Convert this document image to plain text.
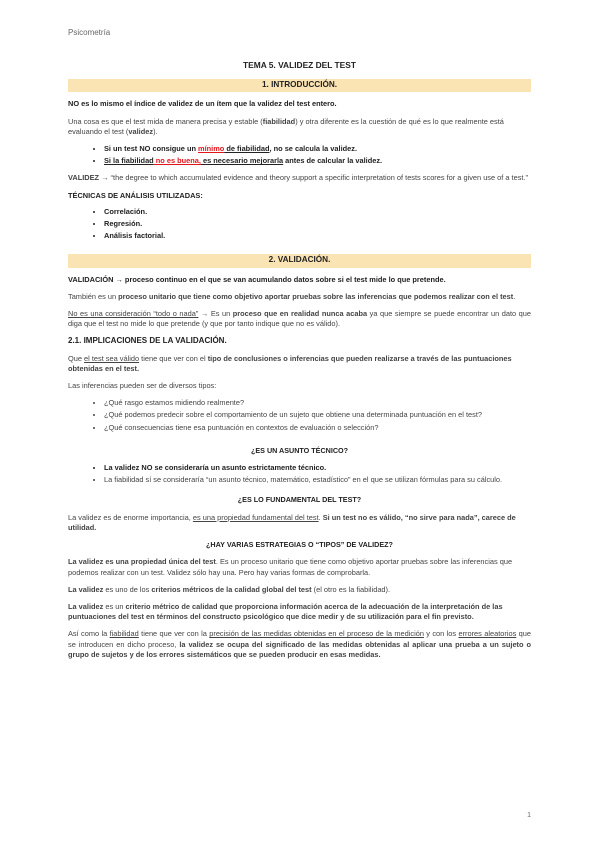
Psicometría
TEMA 5. VALIDEZ DEL TEST
1. INTRODUCCIÓN.

NO es lo mismo el índice de validez de un ítem que la validez del test entero.

Una cosa es que el test mida de manera precisa y estable (fiabilidad) y otra diferente es la cuestión de qué es lo que realmente está evaluando el test (validez).

• Si un test NO consigue un mínimo de fiabilidad, no se calcula la validez.
• Si la fiabilidad no es buena, es necesario mejorarla antes de calcular la validez.

VALIDEZ → “the degree to which accumulated evidence and theory support a specific interpretation of tests scores for a given use of a test.”

TÉCNICAS DE ANÁLISIS UTILIZADAS:

• Correlación.
• Regresión.
• Análisis factorial.
2. VALIDACIÓN.

VALIDACIÓN → proceso continuo en el que se van acumulando datos sobre si el test mide lo que pretende.

También es un proceso unitario que tiene como objetivo aportar pruebas sobre las inferencias que podemos realizar con el test.

No es una consideración “todo o nada” → Es un proceso que en realidad nunca acaba ya que siempre se puede encontrar un dato que diga que el test no mide lo que pretende (y que por tanto indique que no es válido).

2.1. IMPLICACIONES DE LA VALIDACIÓN.

Que el test sea válido tiene que ver con el tipo de conclusiones o inferencias que pueden realizarse a través de las puntuaciones obtenidas en el test.

Las inferencias pueden ser de diversos tipos:

• ¿Qué rasgo estamos midiendo realmente?
• ¿Qué podemos predecir sobre el comportamiento de un sujeto que obtiene una determinada puntuación en el test?
• ¿Qué consecuencias tiene esa puntuación en contextos de evaluación o selección?
¿ES UN ASUNTO TÉCNICO?
• La validez NO se consideraría un asunto estrictamente técnico.
• La fiabilidad sí se consideraría “un asunto técnico, matemático, estadístico” en el que se utilizan fórmulas para su cálculo.
¿ES LO FUNDAMENTAL DEL TEST?

La validez es de enorme importancia, es una propiedad fundamental del test. Si un test no es válido, “no sirve para nada”, carece de utilidad.

¿HAY VARIAS ESTRATEGIAS O “TIPOS” DE VALIDEZ?

La validez es una propiedad única del test. Es un proceso unitario que tiene como objetivo aportar pruebas sobre las inferencias que podemos realizar con un test. Validez sólo hay una. Pero hay varias formas de comprobarla.

La validez es uno de los criterios métricos de la calidad global del test (el otro es la fiabilidad).

La validez es un criterio métrico de calidad que proporciona información acerca de la adecuación de la interpretación de las puntuaciones del test en términos del constructo psicológico que dice medir y de su utilización para el fin previsto.

Así como la fiabilidad tiene que ver con la precisión de las medidas obtenidas en el proceso de la medición y con los errores aleatorios que se introducen en dicho proceso, la validez se ocupa del significado de las medidas obtenidas al aplicar una prueba a un sujeto o grupo de sujetos y de los errores sistemáticos que se pueden producir en esas medidas.

1
